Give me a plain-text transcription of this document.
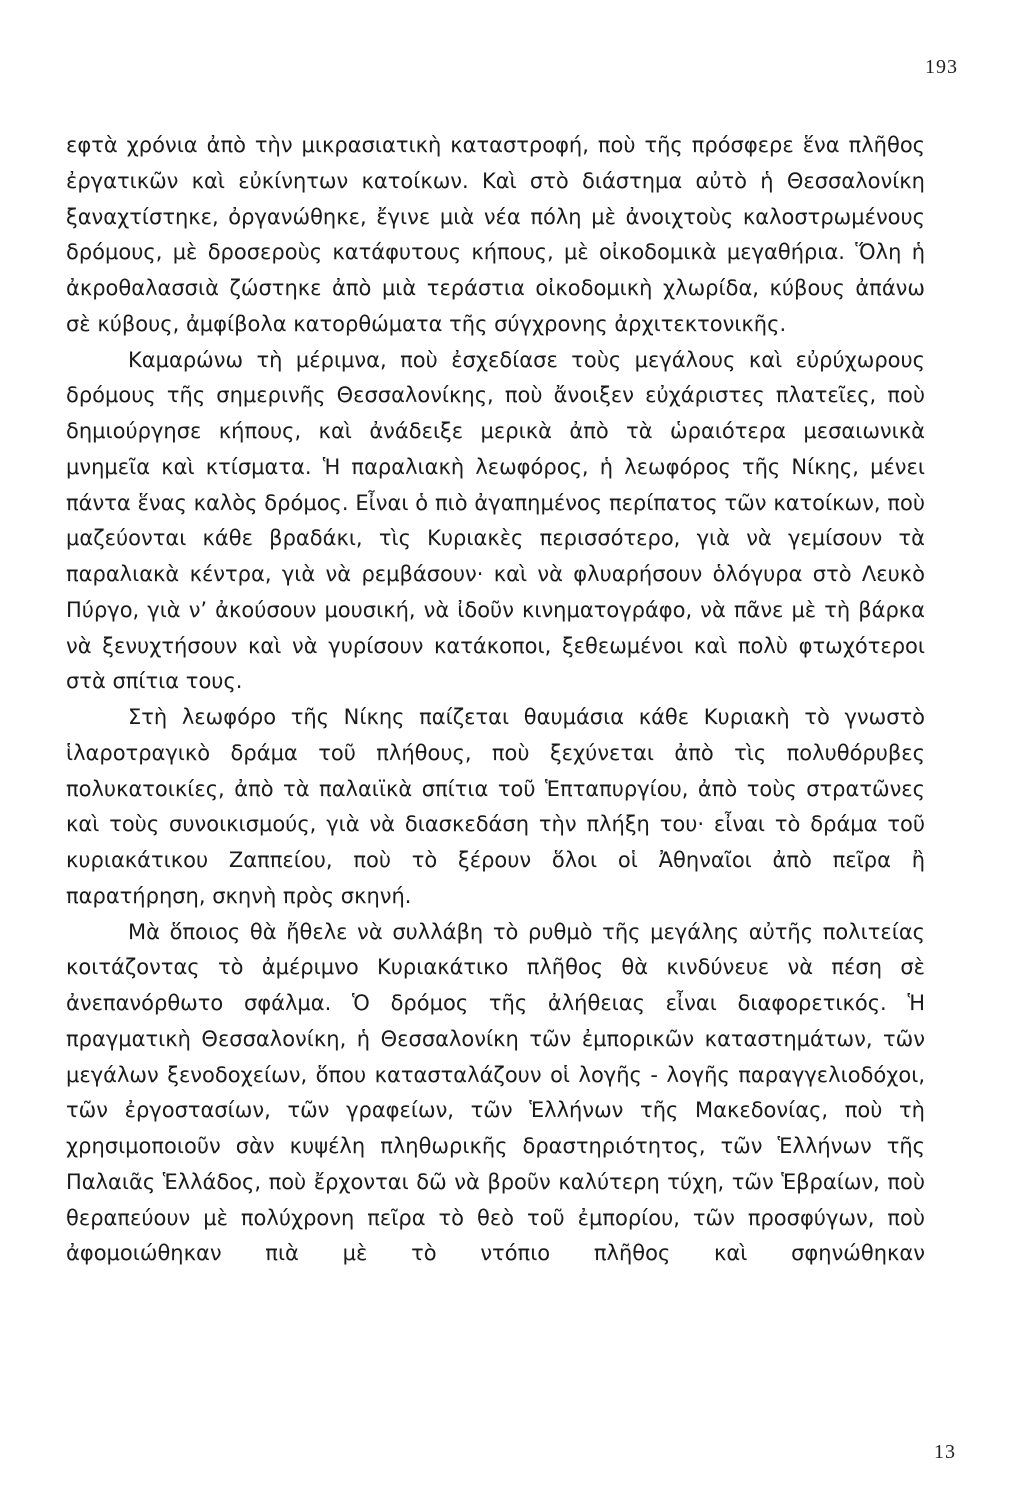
193

εφτὰ χρόνια ἀπὸ τὴν μικρασιατικὴ καταστροφή, ποὺ τῆς πρόσφερε ἕνα πλῆθος ἐργατικῶν καὶ εὐκίνητων κατοίκων. Καὶ στὸ διάστημα αὐτὸ ἡ Θεσσαλονίκη ξαναχτίστηκε, ὀργανώθηκε, ἔγινε μιὰ νέα πόλη μὲ ἀνοιχτοὺς καλοστρωμένους δρόμους, μὲ δροσεροὺς κατάφυτους κήπους, μὲ οἰκοδομικὰ μεγαθήρια. Ὅλη ἡ ἀκροθαλασσιὰ ζώστηκε ἀπὸ μιὰ τεράστια οἰκοδομικὴ χλωρίδα, κύβους ἀπάνω σὲ κύβους, ἀμφίβολα κατορθώματα τῆς σύγχρονης ἀρχιτεκτονικῆς.

Καμαρώνω τὴ μέριμνα, ποὺ ἐσχεδίασε τοὺς μεγάλους καὶ εὐρύχωρους δρόμους τῆς σημερινῆς Θεσσαλονίκης, ποὺ ἄνοιξεν εὐχάριστες πλατεῖες, ποὺ δημιούργησε κήπους, καὶ ἀνάδειξε μερικὰ ἀπὸ τὰ ὡραιότερα μεσαιωνικὰ μνημεῖα καὶ κτίσματα. Ἡ παραλιακὴ λεωφόρος, ἡ λεωφόρος τῆς Νίκης, μένει πάντα ἕνας καλὸς δρόμος. Εἶναι ὁ πιὸ ἀγαπημένος περίπατος τῶν κατοίκων, ποὺ μαζεύονται κάθε βραδάκι, τὶς Κυριακὲς περισσότερο, γιὰ νὰ γεμίσουν τὰ παραλιακὰ κέντρα, γιὰ νὰ ρεμβάσουν· καὶ νὰ φλυαρήσουν ὁλόγυρα στὸ Λευκὸ Πύργο, γιὰ ν’ ἀκούσουν μουσική, νὰ ἰδοῦν κινηματογράφο, νὰ πᾶνε μὲ τὴ βάρκα νὰ ξενυχτήσουν καὶ νὰ γυρίσουν κατάκοποι, ξεθεωμένοι καὶ πολὺ φτωχότεροι στὰ σπίτια τους.

Στὴ λεωφόρο τῆς Νίκης παίζεται θαυμάσια κάθε Κυριακὴ τὸ γνωστὸ ἱλαροτραγικὸ δράμα τοῦ πλήθους, ποὺ ξεχύνεται ἀπὸ τὶς πολυθόρυβες πολυκατοικίες, ἀπὸ τὰ παλαιϊκὰ σπίτια τοῦ Ἑπταπυργίου, ἀπὸ τοὺς στρατῶνες καὶ τοὺς συνοικισμούς, γιὰ νὰ διασκεδάση τὴν πλήξη του· εἶναι τὸ δράμα τοῦ κυριακάτικου Ζαππείου, ποὺ τὸ ξέρουν ὅλοι οἱ Ἀθηναῖοι ἀπὸ πεῖρα ἢ παρατήρηση, σκηνὴ πρὸς σκηνή.

Μὰ ὅποιος θὰ ἤθελε νὰ συλλάβη τὸ ρυθμὸ τῆς μεγάλης αὐτῆς πολιτείας κοιτάζοντας τὸ ἀμέριμνο Κυριακάτικο πλῆθος θὰ κινδύνευε νὰ πέση σὲ ἀνεπανόρθωτο σφάλμα. Ὁ δρόμος τῆς ἀλήθειας εἶναι διαφορετικός. Ἡ πραγματικὴ Θεσσαλονίκη, ἡ Θεσσαλονίκη τῶν ἐμπορικῶν καταστημάτων, τῶν μεγάλων ξενοδοχείων, ὅπου κατασταλάζουν οἱ λογῆς - λογῆς παραγγελιοδόχοι, τῶν ἐργοστασίων, τῶν γραφείων, τῶν Ἑλλήνων τῆς Μακεδονίας, ποὺ τὴ χρησιμοποιοῦν σὰν κυψέλη πληθωρικῆς δραστηριότητος, τῶν Ἑλλήνων τῆς Παλαιᾶς Ἑλλάδος, ποὺ ἔρχονται δῶ νὰ βροῦν καλύτερη τύχη, τῶν Ἑβραίων, ποὺ θεραπεύουν μὲ πολύχρονη πεῖρα τὸ θεὸ τοῦ ἐμπορίου, τῶν προσφύγων, ποὺ ἀφομοιώθηκαν πιὰ μὲ τὸ ντόπιο πλῆθος καὶ σφηνώθηκαν

13
